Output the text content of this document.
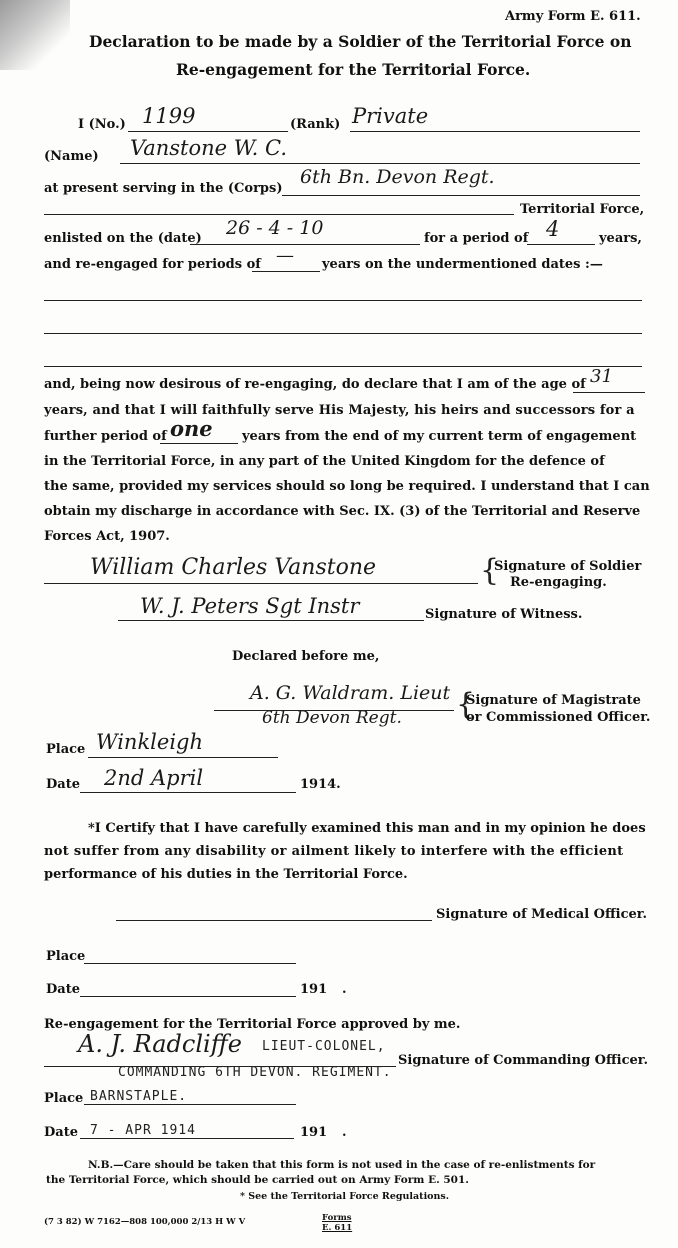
Army Form E. 611.
Declaration to be made by a Soldier of the Territorial Force on
Re-engagement for the Territorial Force.
I (No.) 1199	(Rank) Private
(Name) Vanstone W. C.
at present serving in the (Corps)
6th Bn. Devon Regt.
Territorial Force,
enlisted on the (date) 26 - 4 - 10	for a period of 4	years,
and re-engaged for periods of — years on the undermentioned dates :—
and, being now desirous of re-engaging, do declare that I am of the age of 31
years, and that I will faithfully serve His Majesty, his heirs and successors for a
further period of one years from the end of my current term of engagement
in the Territorial Force, in any part of the United Kingdom for the defence of
the same, provided my services should so long be required. I understand that I can
obtain my discharge in accordance with Sec. IX. (3) of the Territorial and Reserve
Forces Act, 1907.
William Charles Vanstone	{
Signature of Soldier
Re-engaging.
W. J. Peters Sgt Instr	Signature of Witness.
Declared before me,
A. G. Waldram. Lieut
6th Devon Regt. {
Signature of Magistrate
or Commissioned Officer.
Place Winkleigh
Date 2nd April	1914.
*I Certify that I have carefully examined this man and in my opinion he does
not suffer from any disability or ailment likely to interfere with the efficient
performance of his duties in the Territorial Force.
Signature of Medical Officer.
Place
Date	191 .
Re-engagement for the Territorial Force approved by me.
A. J. Radcliffe LIEUT-COLONEL,
COMMANDING 6TH DEVON. REGIMENT.
Signature of Commanding Officer.
Place BARNSTAPLE.
Date 7 - APR 1914	191 .
N.B.—Care should be taken that this form is not used in the case of re-enlistments for
the Territorial Force, which should be carried out on Army Form E. 501.
* See the Territorial Force Regulations.
(7 3 82) W 7162—808 100,000 2/13 H W V	Forms
E. 611
